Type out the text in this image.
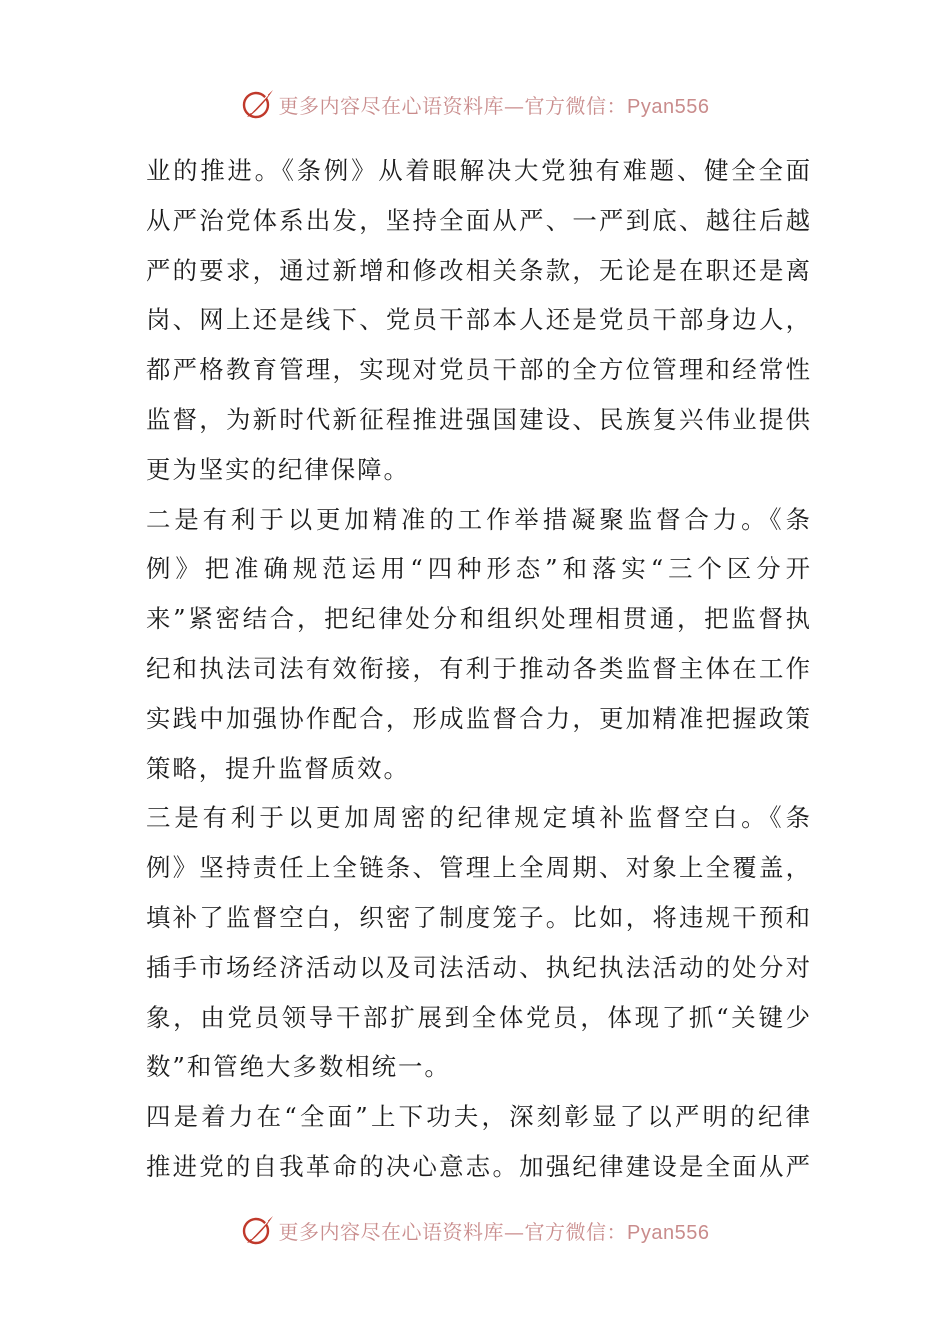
更多内容尽在心语资料库—官方微信：Pyan556
业的推进。《条例》从着眼解决大党独有难题、健全全面
从严治党体系出发，坚持全面从严、一严到底、越往后越
严的要求，通过新增和修改相关条款，无论是在职还是离
岗、网上还是线下、党员干部本人还是党员干部身边人，
都严格教育管理，实现对党员干部的全方位管理和经常性
监督，为新时代新征程推进强国建设、民族复兴伟业提供
更为坚实的纪律保障。
二是有利于以更加精准的工作举措凝聚监督合力。《条
例》把准确规范运用“四种形态”和落实“三个区分开
来”紧密结合，把纪律处分和组织处理相贯通，把监督执
纪和执法司法有效衔接，有利于推动各类监督主体在工作
实践中加强协作配合，形成监督合力，更加精准把握政策
策略，提升监督质效。
三是有利于以更加周密的纪律规定填补监督空白。《条
例》坚持责任上全链条、管理上全周期、对象上全覆盖，
填补了监督空白，织密了制度笼子。比如，将违规干预和
插手市场经济活动以及司法活动、执纪执法活动的处分对
象，由党员领导干部扩展到全体党员，体现了抓“关键少
数”和管绝大多数相统一。
四是着力在“全面”上下功夫，深刻彰显了以严明的纪律
推进党的自我革命的决心意志。加强纪律建设是全面从严
更多内容尽在心语资料库—官方微信：Pyan556
